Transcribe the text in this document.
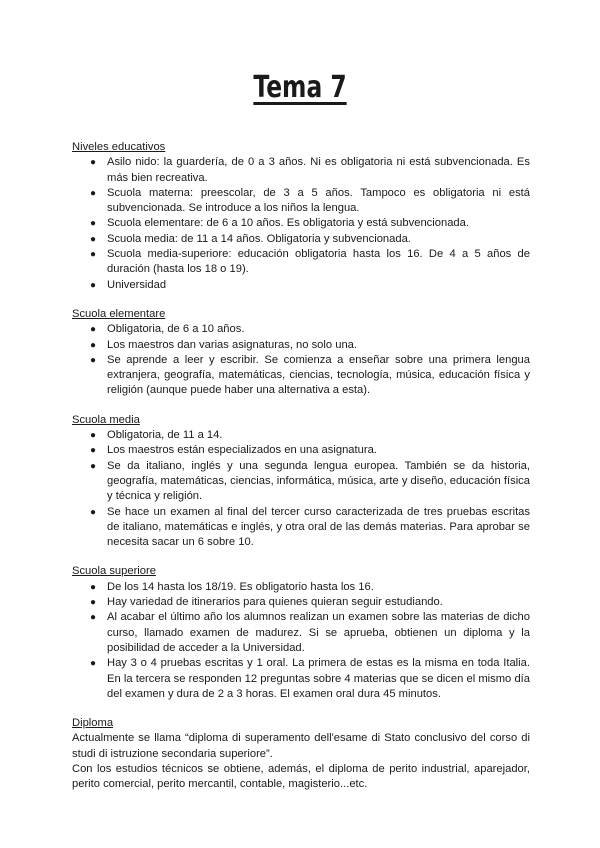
Tema 7

Niveles educativos

● Asilo nido: la guardería, de 0 a 3 años. Ni es obligatoria ni está subvencionada. Es más bien recreativa.
● Scuola materna: preescolar, de 3 a 5 años. Tampoco es obligatoria ni está subvencionada. Se introduce a los niños la lengua.
● Scuola elementare: de 6 a 10 años. Es obligatoria y está subvencionada.
● Scuola media: de 11 a 14 años. Obligatoria y subvencionada.
● Scuola media-superiore: educación obligatoria hasta los 16. De 4 a 5 años de duración (hasta los 18 o 19).
● Universidad

Scuola elementare

● Obligatoria, de 6 a 10 años.
● Los maestros dan varias asignaturas, no solo una.
● Se aprende a leer y escribir. Se comienza a enseñar sobre una primera lengua extranjera, geografía, matemáticas, ciencias, tecnología, música, educación física y religión (aunque puede haber una alternativa a esta).

Scuola media

● Obligatoria, de 11 a 14.
● Los maestros están especializados en una asignatura.
● Se da italiano, inglés y una segunda lengua europea. También se da historia, geografía, matemáticas, ciencias, informática, música, arte y diseño, educación física y técnica y religión.
● Se hace un examen al final del tercer curso caracterizada de tres pruebas escritas de italiano, matemáticas e inglés, y otra oral de las demás materias. Para aprobar se necesita sacar un 6 sobre 10.

Scuola superiore

● De los 14 hasta los 18/19. Es obligatorio hasta los 16.
● Hay variedad de itinerarios para quienes quieran seguir estudiando.
● Al acabar el último año los alumnos realizan un examen sobre las materias de dicho curso, llamado examen de madurez. Si se aprueba, obtienen un diploma y la posibilidad de acceder a la Universidad.
● Hay 3 o 4 pruebas escritas y 1 oral. La primera de estas es la misma en toda Italia. En la tercera se responden 12 preguntas sobre 4 materias que se dicen el mismo día del examen y dura de 2 a 3 horas. El examen oral dura 45 minutos.

Diploma

Actualmente se llama “diploma di superamento dell'esame di Stato conclusivo del corso di studi di istruzione secondaria superiore”.

Con los estudios técnicos se obtiene, además, el diploma de perito industrial, aparejador, perito comercial, perito mercantil, contable, magisterio...etc.
